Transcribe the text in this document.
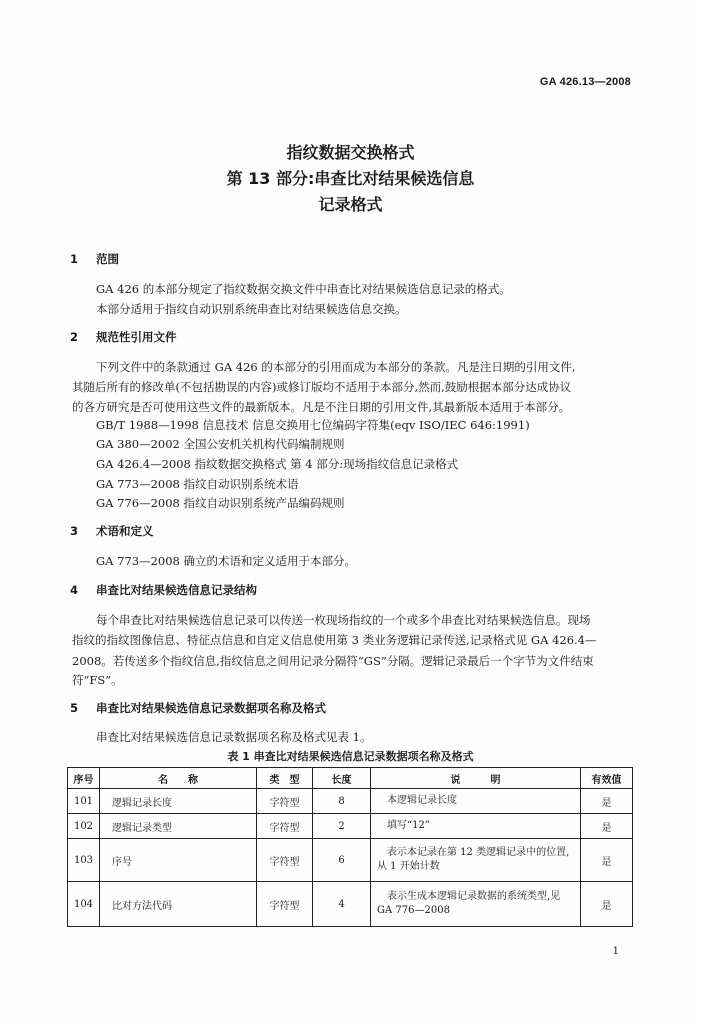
GA 426.13—2008
指纹数据交换格式
第 13 部分:串查比对结果候选信息
记录格式
1 范围
GA 426 的本部分规定了指纹数据交换文件中串查比对结果候选信息记录的格式。
本部分适用于指纹自动识别系统串查比对结果候选信息交换。
2 规范性引用文件
下列文件中的条款通过 GA 426 的本部分的引用而成为本部分的条款。凡是注日期的引用文件,
其随后所有的修改单(不包括勘误的内容)或修订版均不适用于本部分,然而,鼓励根据本部分达成协议
的各方研究是否可使用这些文件的最新版本。凡是不注日期的引用文件,其最新版本适用于本部分。
GB/T 1988—1998 信息技术 信息交换用七位编码字符集(eqv ISO/IEC 646:1991)
GA 380—2002 全国公安机关机构代码编制规则
GA 426.4—2008 指纹数据交换格式 第 4 部分:现场指纹信息记录格式
GA 773—2008 指纹自动识别系统术语
GA 776—2008 指纹自动识别系统产品编码规则
3 术语和定义
GA 773—2008 确立的术语和定义适用于本部分。
4 串查比对结果候选信息记录结构
每个串查比对结果候选信息记录可以传送一枚现场指纹的一个或多个串查比对结果候选信息。现场
指纹的指纹图像信息、特征点信息和自定义信息使用第 3 类业务逻辑记录传送,记录格式见 GA 426.4—
2008。若传送多个指纹信息,指纹信息之间用记录分隔符“GS”分隔。逻辑记录最后一个字节为文件结束
符“FS”。
5 串查比对结果候选信息记录数据项名称及格式
串查比对结果候选信息记录数据项名称及格式见表 1。
表 1 串查比对结果候选信息记录数据项名称及格式
序号	名　　称	类　型	长度	说　　　明	有效值
101	逻辑记录长度	字符型	8	本逻辑记录长度	是
102	逻辑记录类型	字符型	2	填写“12”	是
103	序号	字符型	6	表示本记录在第 12 类逻辑记录中的位置,
从 1 开始计数	是
104	比对方法代码	字符型	4	表示生成本逻辑记录数据的系统类型,见
GA 776—2008	是
1
